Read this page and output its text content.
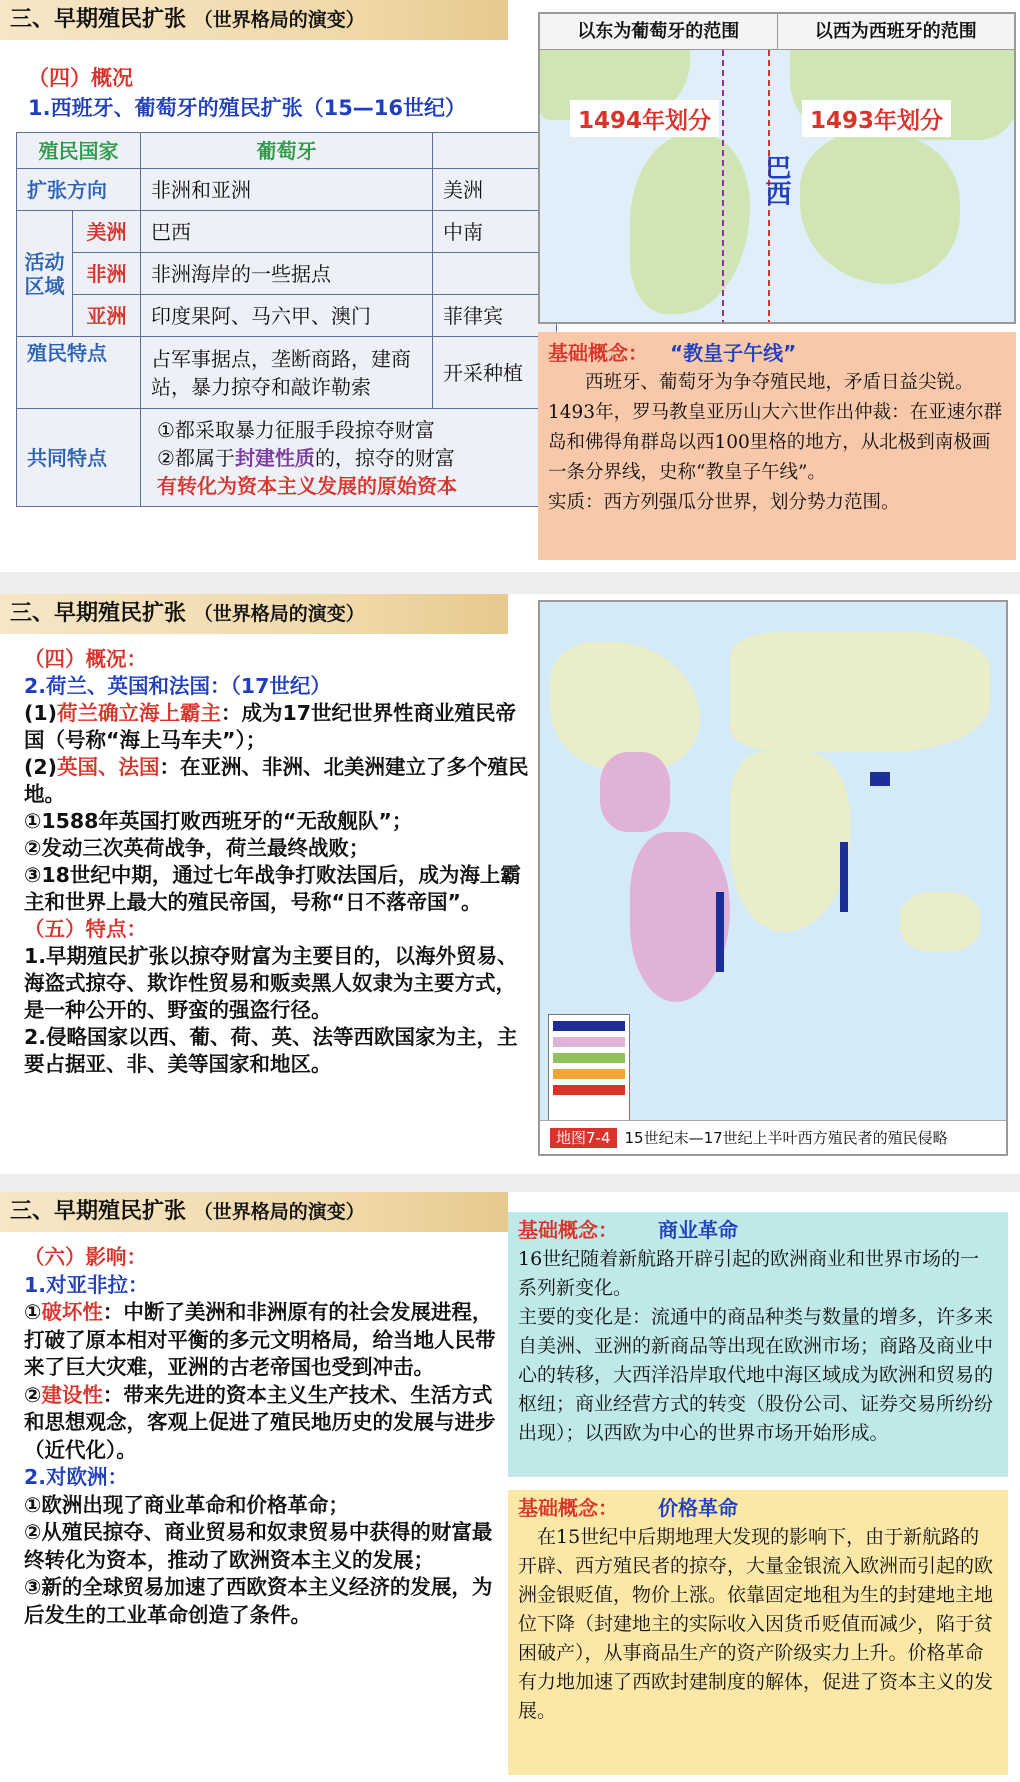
三、早期殖民扩张 （世界格局的演变）
（四）概况
1.西班牙、葡萄牙的殖民扩张（15—16世纪）
殖民国家		葡萄牙	
扩张方向		非洲和亚洲	美洲
活动区域	美洲	巴西	中南
	非洲	非洲海岸的一些据点	
	亚洲	印度果阿、马六甲、澳门	菲律宾
殖民特点		占军事据点，垄断商路，建商站，暴力掠夺和敲诈勒索	开采种植
共同特点		①都采取暴力征服手段掠夺财富
②都属于封建性质的，掠夺的财富
有转化为资本主义发展的原始资本	
以东为葡萄牙的范围	以西为西班牙的范围
1494年划分	1493年划分
巴西
基础概念： “教皇子午线”
西班牙、葡萄牙为争夺殖民地，矛盾日益尖锐。1493年，罗马教皇亚历山大六世作出仲裁：在亚速尔群岛和佛得角群岛以西100里格的地方，从北极到南极画一条分界线，史称“教皇子午线”。
实质：西方列强瓜分世界，划分势力范围。
三、早期殖民扩张 （世界格局的演变）

（四）概况：

2.荷兰、英国和法国：（17世纪）

(1)荷兰确立海上霸主：成为17世纪世界性商业殖民帝国（号称“海上马车夫”）；

(2)英国、法国：在亚洲、非洲、北美洲建立了多个殖民地。

①1588年英国打败西班牙的“无敌舰队”；

②发动三次英荷战争，荷兰最终战败；

③18世纪中期，通过七年战争打败法国后，成为海上霸主和世界上最大的殖民帝国，号称“日不落帝国”。

（五）特点：

1.早期殖民扩张以掠夺财富为主要目的，以海外贸易、海盗式掠夺、欺诈性贸易和贩卖黑人奴隶为主要方式，是一种公开的、野蛮的强盗行径。

2.侵略国家以西、葡、荷、英、法等西欧国家为主，主要占据亚、非、美等国家和地区。

地图7-4 15世纪末—17世纪上半叶西方殖民者的殖民侵略
三、早期殖民扩张 （世界格局的演变）

（六）影响：

1.对亚非拉：

①破坏性：中断了美洲和非洲原有的社会发展进程，打破了原本相对平衡的多元文明格局，给当地人民带来了巨大灾难，亚洲的古老帝国也受到冲击。

②建设性：带来先进的资本主义生产技术、生活方式和思想观念，客观上促进了殖民地历史的发展与进步（近代化）。

2.对欧洲：

①欧洲出现了商业革命和价格革命；

②从殖民掠夺、商业贸易和奴隶贸易中获得的财富最终转化为资本，推动了欧洲资本主义的发展；

③新的全球贸易加速了西欧资本主义经济的发展，为后发生的工业革命创造了条件。

基础概念： 商业革命
16世纪随着新航路开辟引起的欧洲商业和世界市场的一系列新变化。
主要的变化是：流通中的商品种类与数量的增多，许多来自美洲、亚洲的新商品等出现在欧洲市场；商路及商业中心的转移，大西洋沿岸取代地中海区域成为欧洲和贸易的枢纽；商业经营方式的转变（股份公司、证券交易所纷纷出现）；以西欧为中心的世界市场开始形成。
基础概念： 价格革命
在15世纪中后期地理大发现的影响下，由于新航路的开辟、西方殖民者的掠夺，大量金银流入欧洲而引起的欧洲金银贬值，物价上涨。依靠固定地租为生的封建地主地位下降（封建地主的实际收入因货币贬值而减少，陷于贫困破产），从事商品生产的资产阶级实力上升。价格革命有力地加速了西欧封建制度的解体，促进了资本主义的发展。
